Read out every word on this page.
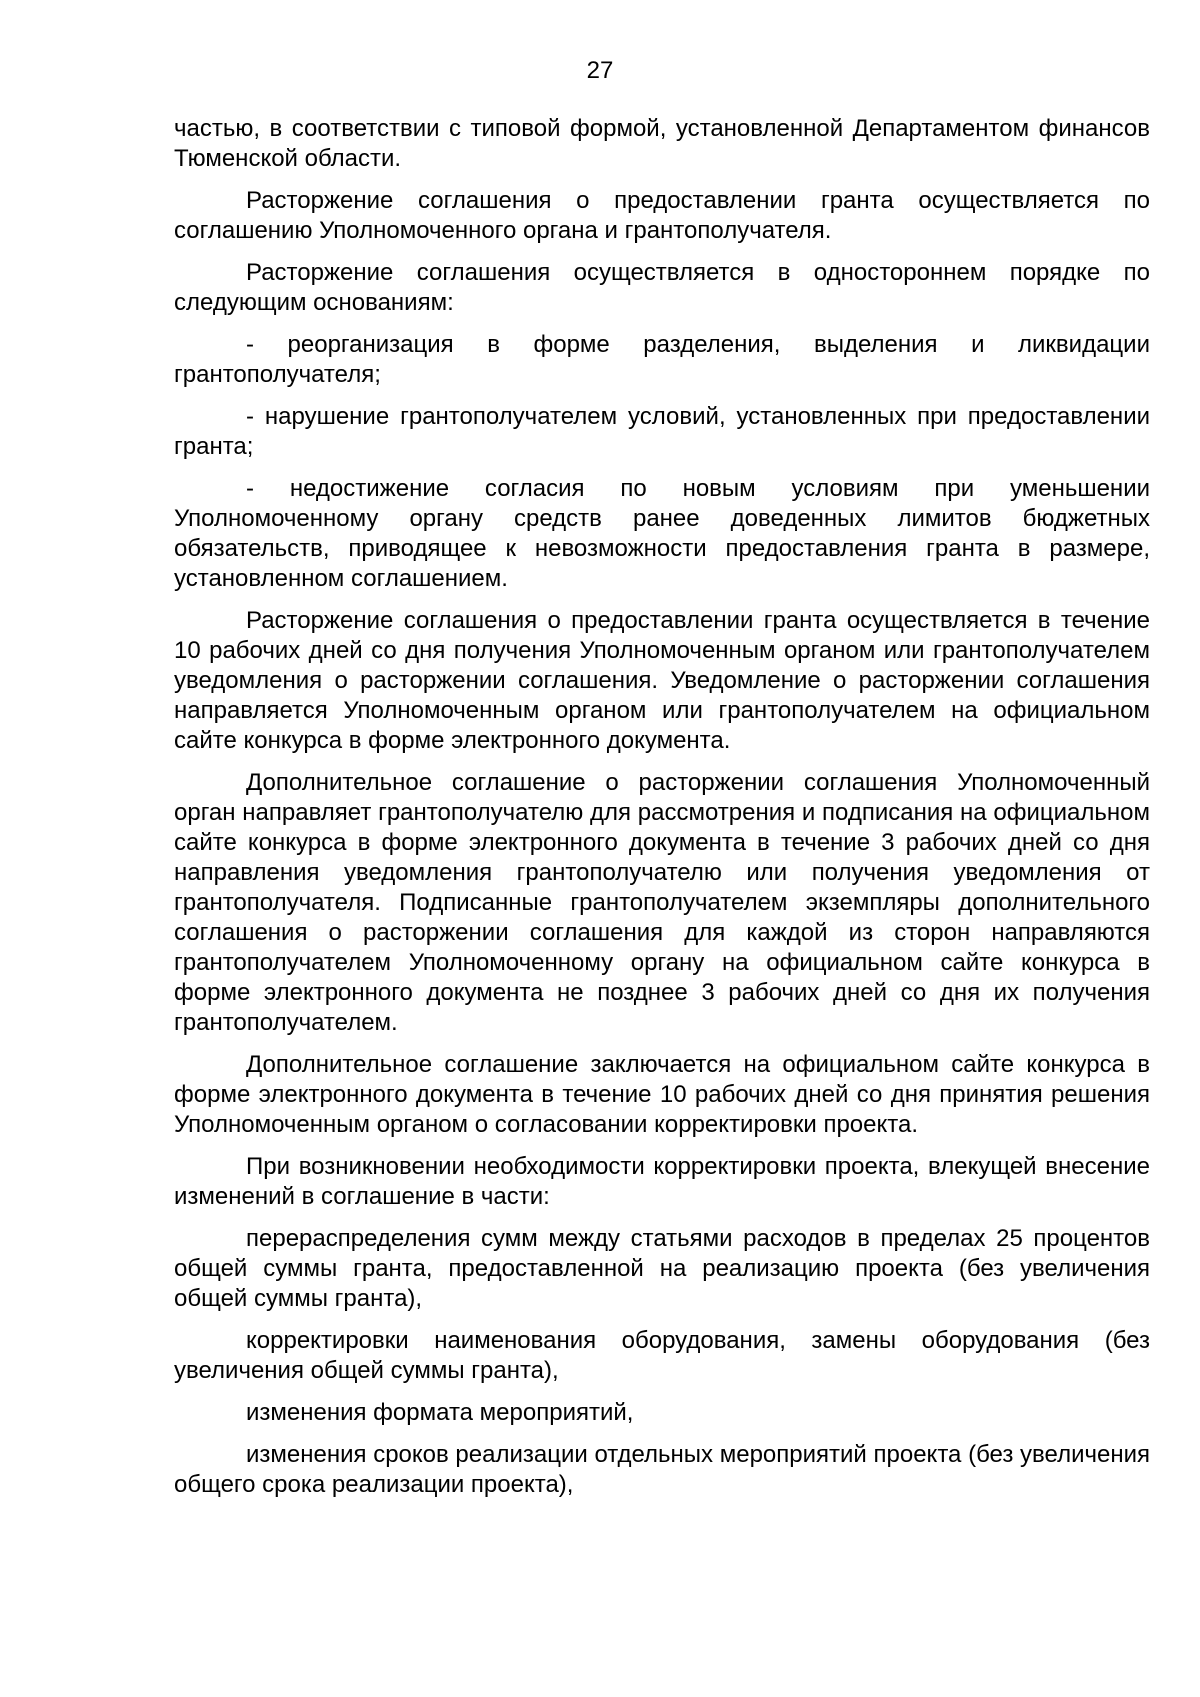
27

частью, в соответствии с типовой формой, установленной Департаментом финансов Тюменской области.

Расторжение соглашения о предоставлении гранта осуществляется по соглашению Уполномоченного органа и грантополучателя.

Расторжение соглашения осуществляется в одностороннем порядке по следующим основаниям:

- реорганизация в форме разделения, выделения и ликвидации грантополучателя;

- нарушение грантополучателем условий, установленных при предоставлении гранта;

- недостижение согласия по новым условиям при уменьшении Уполномоченному органу средств ранее доведенных лимитов бюджетных обязательств, приводящее к невозможности предоставления гранта в размере, установленном соглашением.

Расторжение соглашения о предоставлении гранта осуществляется в течение 10 рабочих дней со дня получения Уполномоченным органом или грантополучателем уведомления о расторжении соглашения. Уведомление о расторжении соглашения направляется Уполномоченным органом или грантополучателем на официальном сайте конкурса в форме электронного документа.

Дополнительное соглашение о расторжении соглашения Уполномоченный орган направляет грантополучателю для рассмотрения и подписания на официальном сайте конкурса в форме электронного документа в течение 3 рабочих дней со дня направления уведомления грантополучателю или получения уведомления от грантополучателя. Подписанные грантополучателем экземпляры дополнительного соглашения о расторжении соглашения для каждой из сторон направляются грантополучателем Уполномоченному органу на официальном сайте конкурса в форме электронного документа не позднее 3 рабочих дней со дня их получения грантополучателем.

Дополнительное соглашение заключается на официальном сайте конкурса в форме электронного документа в течение 10 рабочих дней со дня принятия решения Уполномоченным органом о согласовании корректировки проекта.

При возникновении необходимости корректировки проекта, влекущей внесение изменений в соглашение в части:

перераспределения сумм между статьями расходов в пределах 25 процентов общей суммы гранта, предоставленной на реализацию проекта (без увеличения общей суммы гранта),

корректировки наименования оборудования, замены оборудования (без увеличения общей суммы гранта),

изменения формата мероприятий,

изменения сроков реализации отдельных мероприятий проекта (без увеличения общего срока реализации проекта),
